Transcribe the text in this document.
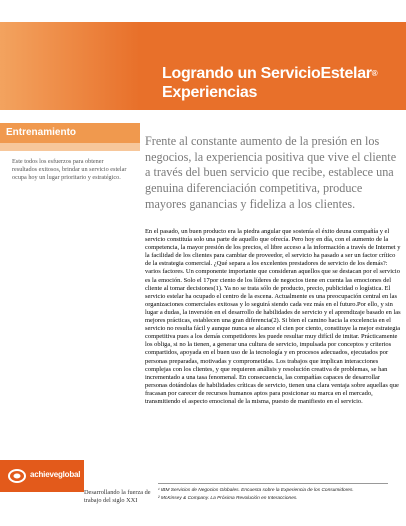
Logrando un ServicioEstelar®
Experiencias
Entrenamiento
Este todos los esfuerzos para obtener resultados exitosos, brindar un servicio estelar ocupa hoy un lugar prioritario y estratégico.
Frente al constante aumento de la presión en los negocios, la experiencia positiva que vive el cliente a través del buen servicio que recibe, establece una genuina diferenciación competitiva, produce mayores ganancias y fideliza a los clientes.
En el pasado, un buen producto era la piedra angular que sostenía el éxito deuna compañía y el servicio constituía solo una parte de aquello que ofrecía. Pero hoy en día, con el aumento de la competencia, la mayor presión de los precios, el libre acceso a la información a través de Internet y la facilidad de los clientes para cambiar de proveedor, el servicio ha pasado a ser un factor crítico de la estrategia comercial. ¿Qué separa a los excelentes prestadores de servicio de los demás?: varios factores. Un componente importante que consideran aquellos que se destacan por el servicio es la emoción. Solo el 17por ciento de los líderes de negocios tiene en cuenta las emociones del cliente al tomar decisiones(1). Ya no se trata sólo de producto, precio, publicidad o logística. El servicio estelar ha ocupado el centro de la escena. Actualmente es una preocupación central en las organizaciones comerciales exitosas y lo seguirá siendo cada vez más en el futuro.Por ello, y sin lugar a dudas, la inversión en el desarrollo de habilidades de servicio y el aprendizaje basado en las mejores prácticas, establecen una gran diferencia(2). Si bien el camino hacia la excelencia en el servicio no resulta fácil y aunque nunca se alcance el cien por ciento, constituye la mejor estrategia competitiva pues a los demás competidores les puede resultar muy difícil de imitar. Prácticamente los obliga, si no la tienen, a generar una cultura de servicio, impulsada por conceptos y criterios compartidos, apoyada en el buen uso de la tecnología y en procesos adecuados, ejecutados por personas preparadas, motivadas y comprometidas. Los trabajos que implican interacciones complejas con los clientes, y que requieren análisis y resolución creativa de problemas, se han incrementado a una tasa fenomenal. En consecuencia, las compañías capaces de desarrollar personas dotándolas de habilidades críticas de servicio, tienen una clara ventaja sobre aquellas que fracasan por carecer de recursos humanos aptos para posicionar su marca en el mercado, transmitiendo el aspecto emocional de la misma, puesto de manifiesto en el servicio.
¹ IBM Servicios de Negocios Globales. Encuesta sobre la Experiencia de los Consumidores.
² McKinsey & Company. La Próxima Revolución en Interacciones.
achieveglobal
Desarrollando la fuerza de trabajo del siglo XXI
